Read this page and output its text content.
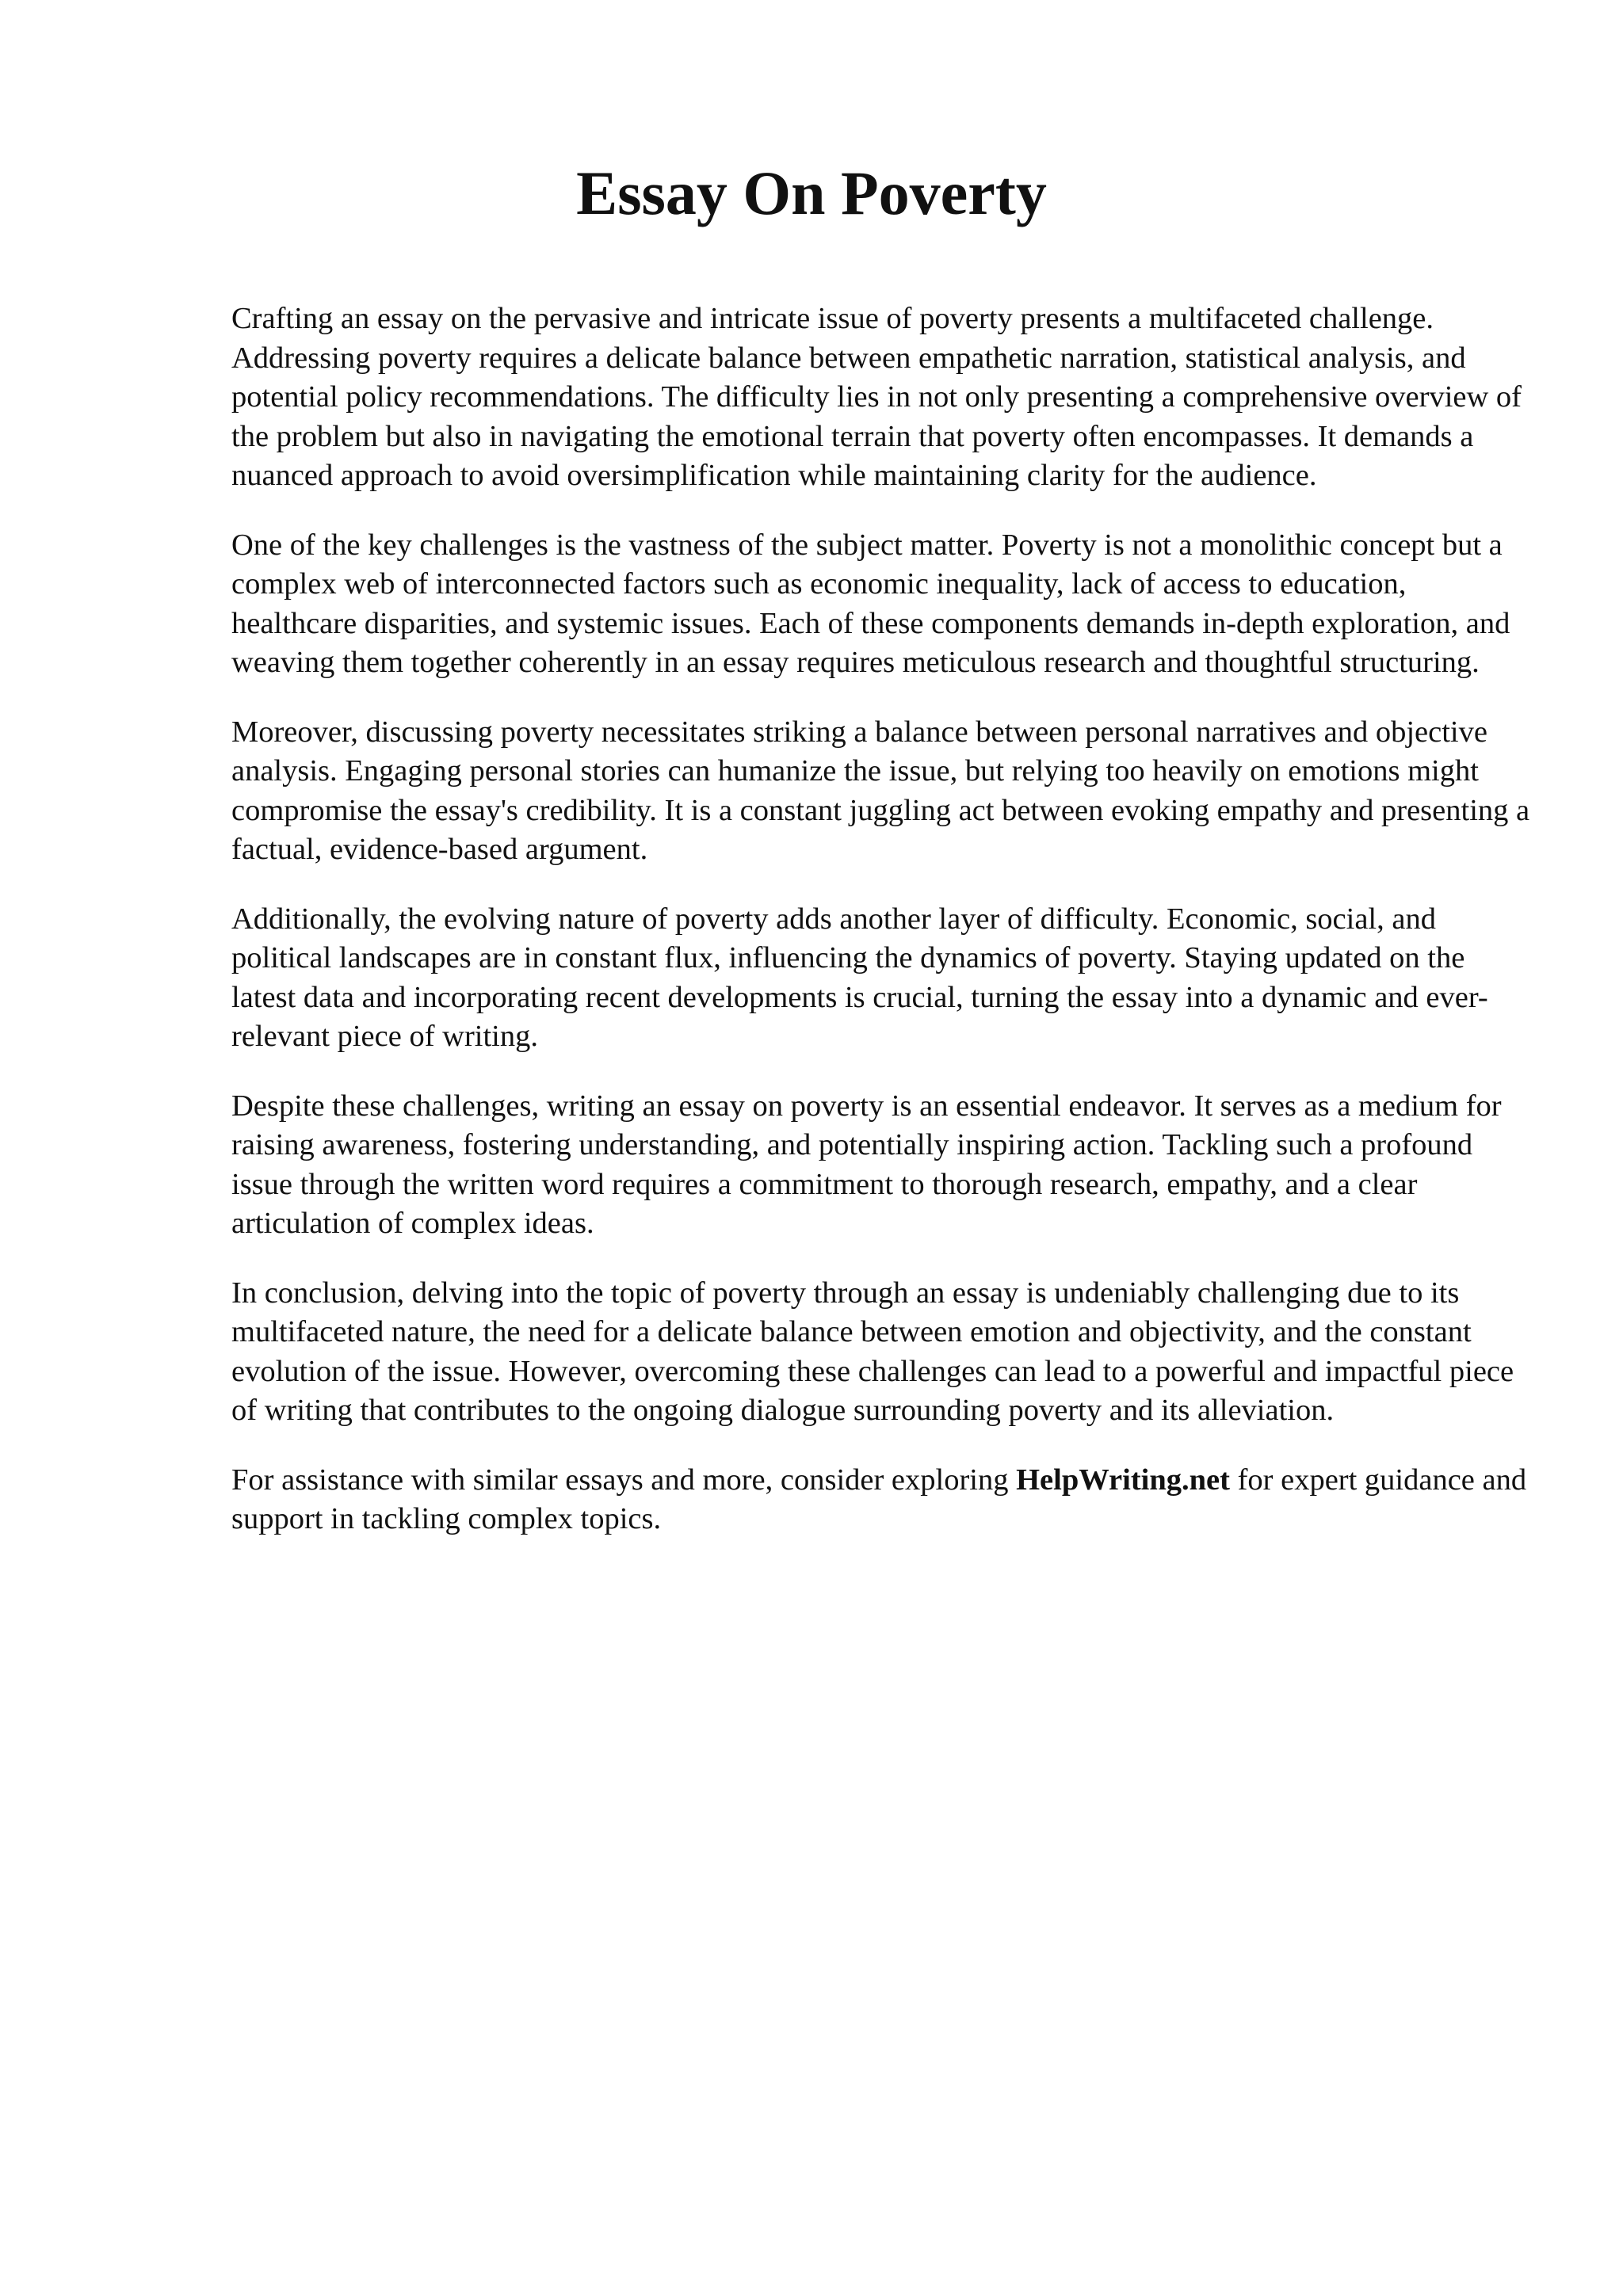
Essay On Poverty

Crafting an essay on the pervasive and intricate issue of poverty presents a multifaceted challenge. Addressing poverty requires a delicate balance between empathetic narration, statistical analysis, and potential policy recommendations. The difficulty lies in not only presenting a comprehensive overview of the problem but also in navigating the emotional terrain that poverty often encompasses. It demands a nuanced approach to avoid oversimplification while maintaining clarity for the audience.

One of the key challenges is the vastness of the subject matter. Poverty is not a monolithic concept but a complex web of interconnected factors such as economic inequality, lack of access to education, healthcare disparities, and systemic issues. Each of these components demands in-depth exploration, and weaving them together coherently in an essay requires meticulous research and thoughtful structuring.

Moreover, discussing poverty necessitates striking a balance between personal narratives and objective analysis. Engaging personal stories can humanize the issue, but relying too heavily on emotions might compromise the essay's credibility. It is a constant juggling act between evoking empathy and presenting a factual, evidence-based argument.

Additionally, the evolving nature of poverty adds another layer of difficulty. Economic, social, and political landscapes are in constant flux, influencing the dynamics of poverty. Staying updated on the latest data and incorporating recent developments is crucial, turning the essay into a dynamic and ever-relevant piece of writing.

Despite these challenges, writing an essay on poverty is an essential endeavor. It serves as a medium for raising awareness, fostering understanding, and potentially inspiring action. Tackling such a profound issue through the written word requires a commitment to thorough research, empathy, and a clear articulation of complex ideas.

In conclusion, delving into the topic of poverty through an essay is undeniably challenging due to its multifaceted nature, the need for a delicate balance between emotion and objectivity, and the constant evolution of the issue. However, overcoming these challenges can lead to a powerful and impactful piece of writing that contributes to the ongoing dialogue surrounding poverty and its alleviation.

For assistance with similar essays and more, consider exploring HelpWriting.net for expert guidance and support in tackling complex topics.
